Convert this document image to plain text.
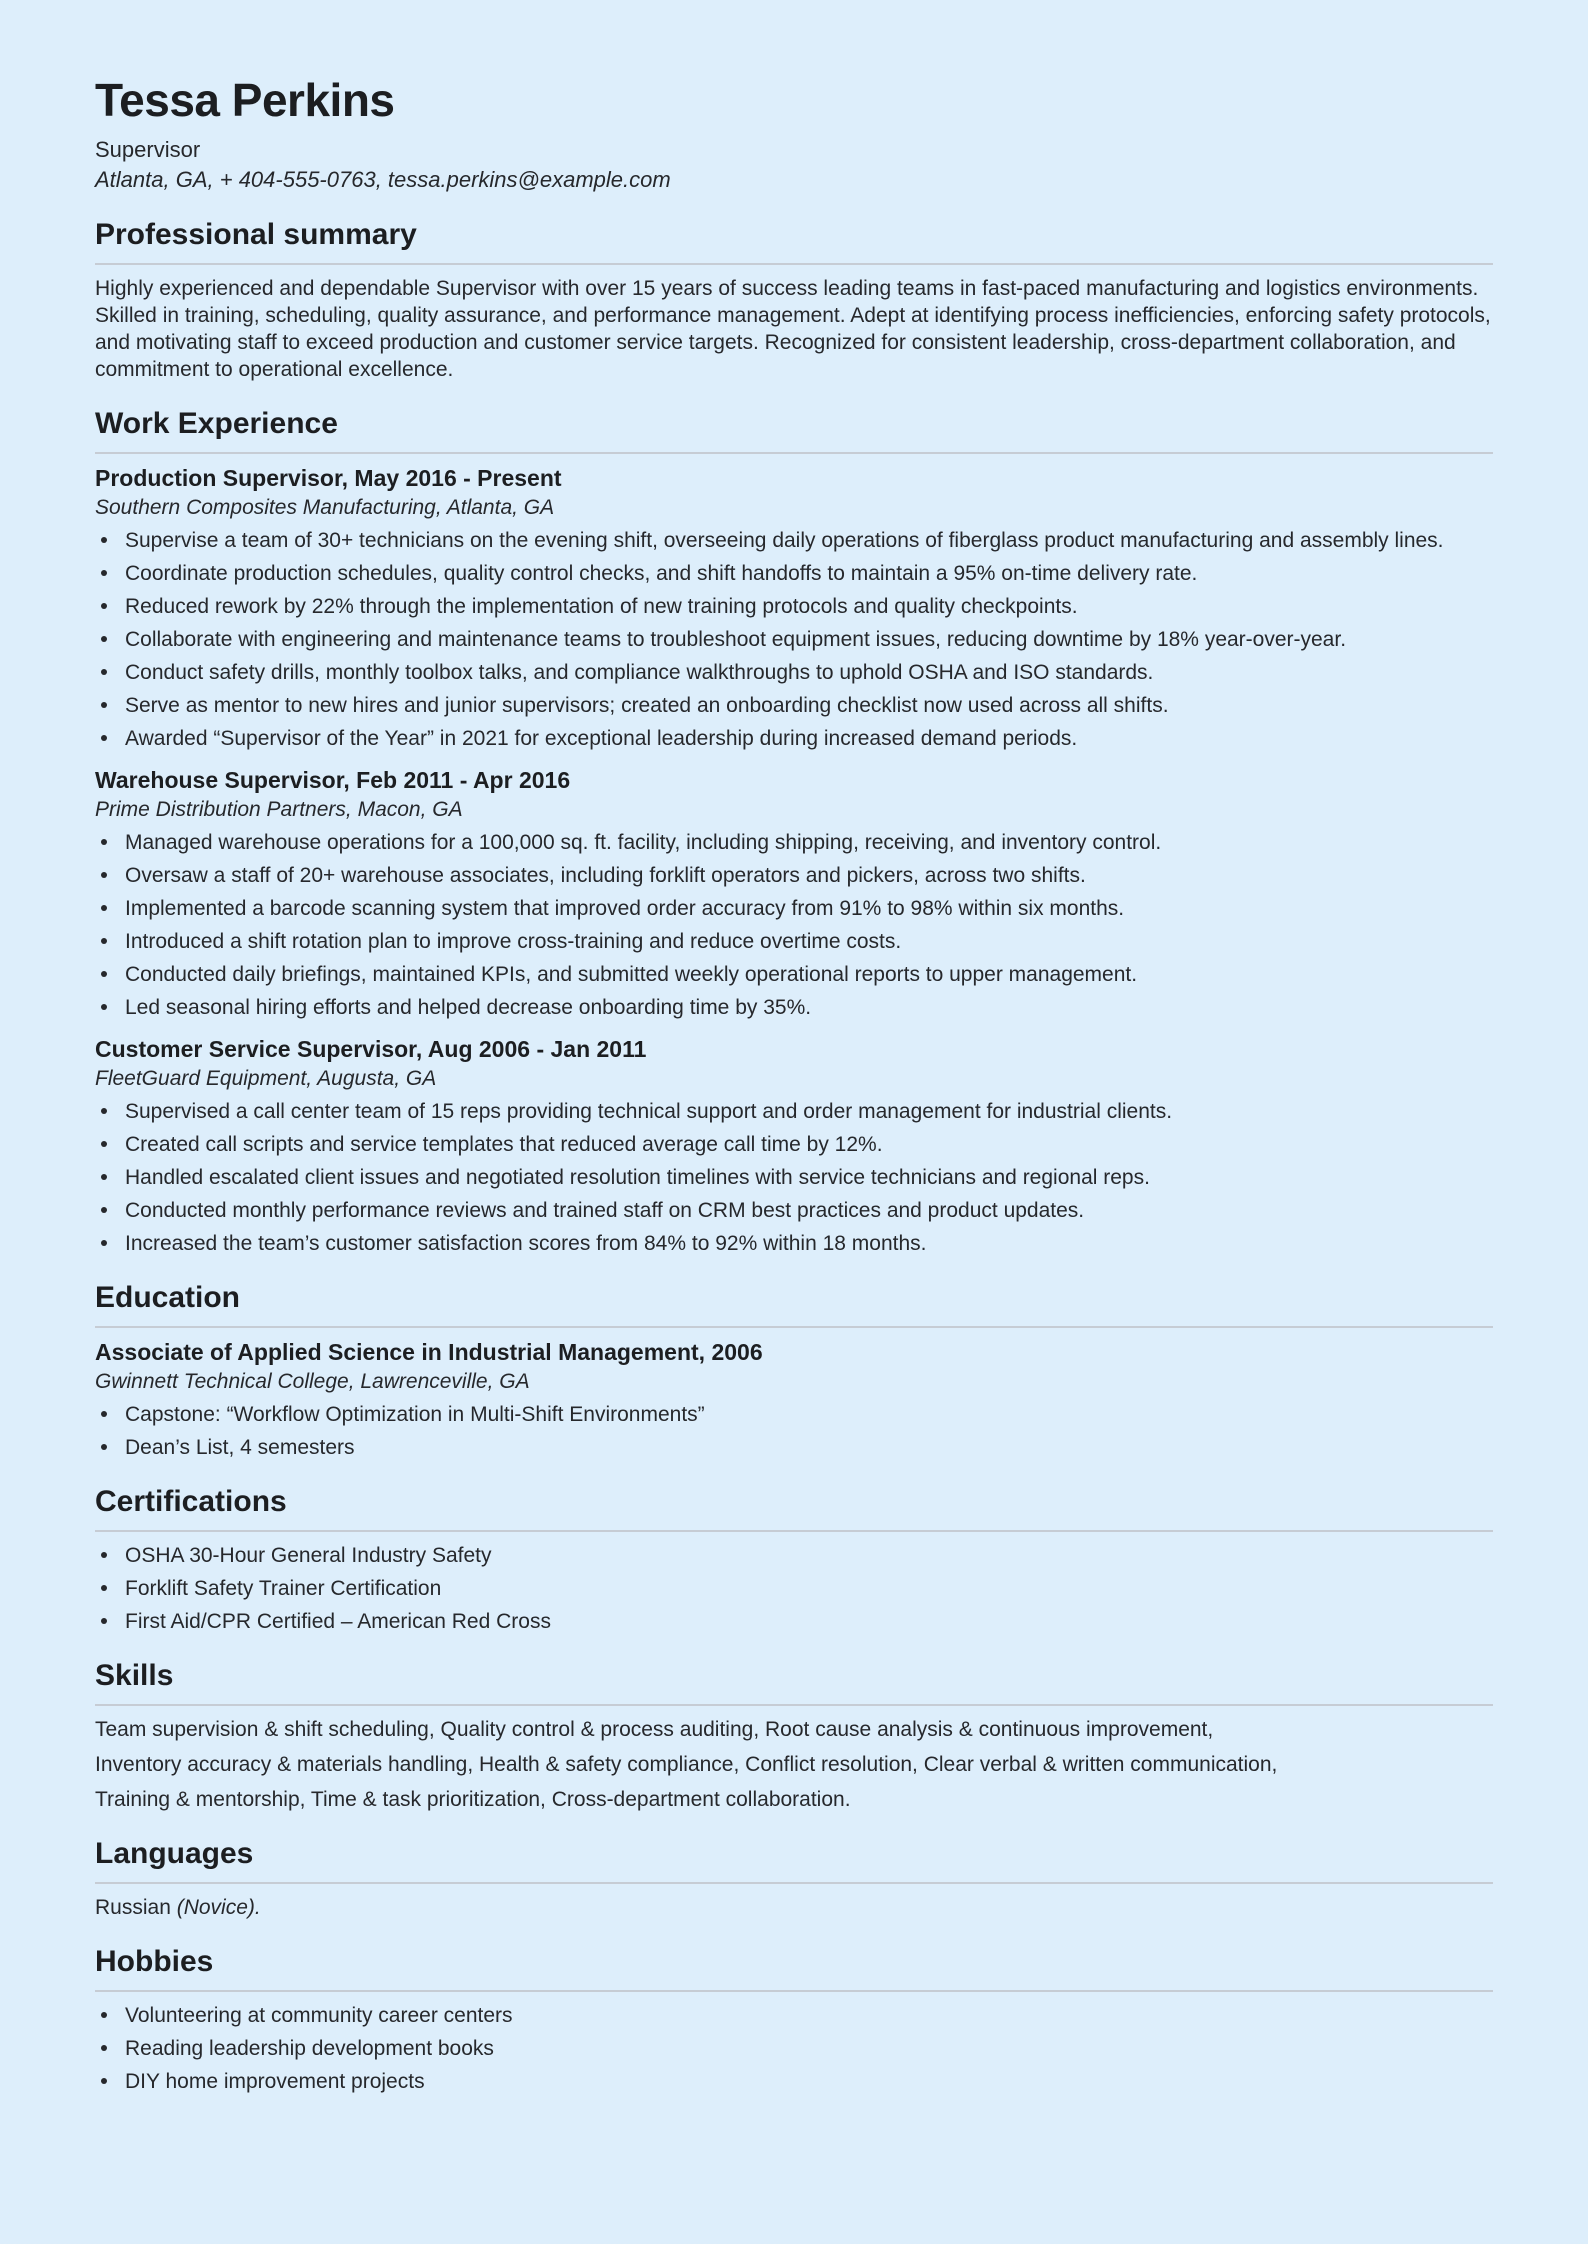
Tessa Perkins

Supervisor

Atlanta, GA, + 404-555-0763, tessa.perkins@example.com

Professional summary

Highly experienced and dependable Supervisor with over 15 years of success leading teams in fast-paced manufacturing and logistics environments. Skilled in training, scheduling, quality assurance, and performance management. Adept at identifying process inefficiencies, enforcing safety protocols, and motivating staff to exceed production and customer service targets. Recognized for consistent leadership, cross-department collaboration, and commitment to operational excellence.

Work Experience
Production Supervisor, May 2016 - Present

Southern Composites Manufacturing, Atlanta, GA

Supervise a team of 30+ technicians on the evening shift, overseeing daily operations of fiberglass product manufacturing and assembly lines.
Coordinate production schedules, quality control checks, and shift handoffs to maintain a 95% on-time delivery rate.
Reduced rework by 22% through the implementation of new training protocols and quality checkpoints.
Collaborate with engineering and maintenance teams to troubleshoot equipment issues, reducing downtime by 18% year-over-year.
Conduct safety drills, monthly toolbox talks, and compliance walkthroughs to uphold OSHA and ISO standards.
Serve as mentor to new hires and junior supervisors; created an onboarding checklist now used across all shifts.
Awarded “Supervisor of the Year” in 2021 for exceptional leadership during increased demand periods.
Warehouse Supervisor, Feb 2011 - Apr 2016

Prime Distribution Partners, Macon, GA

Managed warehouse operations for a 100,000 sq. ft. facility, including shipping, receiving, and inventory control.
Oversaw a staff of 20+ warehouse associates, including forklift operators and pickers, across two shifts.
Implemented a barcode scanning system that improved order accuracy from 91% to 98% within six months.
Introduced a shift rotation plan to improve cross-training and reduce overtime costs.
Conducted daily briefings, maintained KPIs, and submitted weekly operational reports to upper management.
Led seasonal hiring efforts and helped decrease onboarding time by 35%.
Customer Service Supervisor, Aug 2006 - Jan 2011

FleetGuard Equipment, Augusta, GA

Supervised a call center team of 15 reps providing technical support and order management for industrial clients.
Created call scripts and service templates that reduced average call time by 12%.
Handled escalated client issues and negotiated resolution timelines with service technicians and regional reps.
Conducted monthly performance reviews and trained staff on CRM best practices and product updates.
Increased the team’s customer satisfaction scores from 84% to 92% within 18 months.
Education
Associate of Applied Science in Industrial Management, 2006

Gwinnett Technical College, Lawrenceville, GA

Capstone: “Workflow Optimization in Multi-Shift Environments”
Dean’s List, 4 semesters
Certifications
OSHA 30-Hour General Industry Safety
Forklift Safety Trainer Certification
First Aid/CPR Certified – American Red Cross
Skills
Team supervision & shift scheduling, Quality control & process auditing, Root cause analysis & continuous improvement,
Inventory accuracy & materials handling, Health & safety compliance, Conflict resolution, Clear verbal & written communication,
Training & mentorship, Time & task prioritization, Cross-department collaboration.
Languages

Russian (Novice).

Hobbies
Volunteering at community career centers
Reading leadership development books
DIY home improvement projects
